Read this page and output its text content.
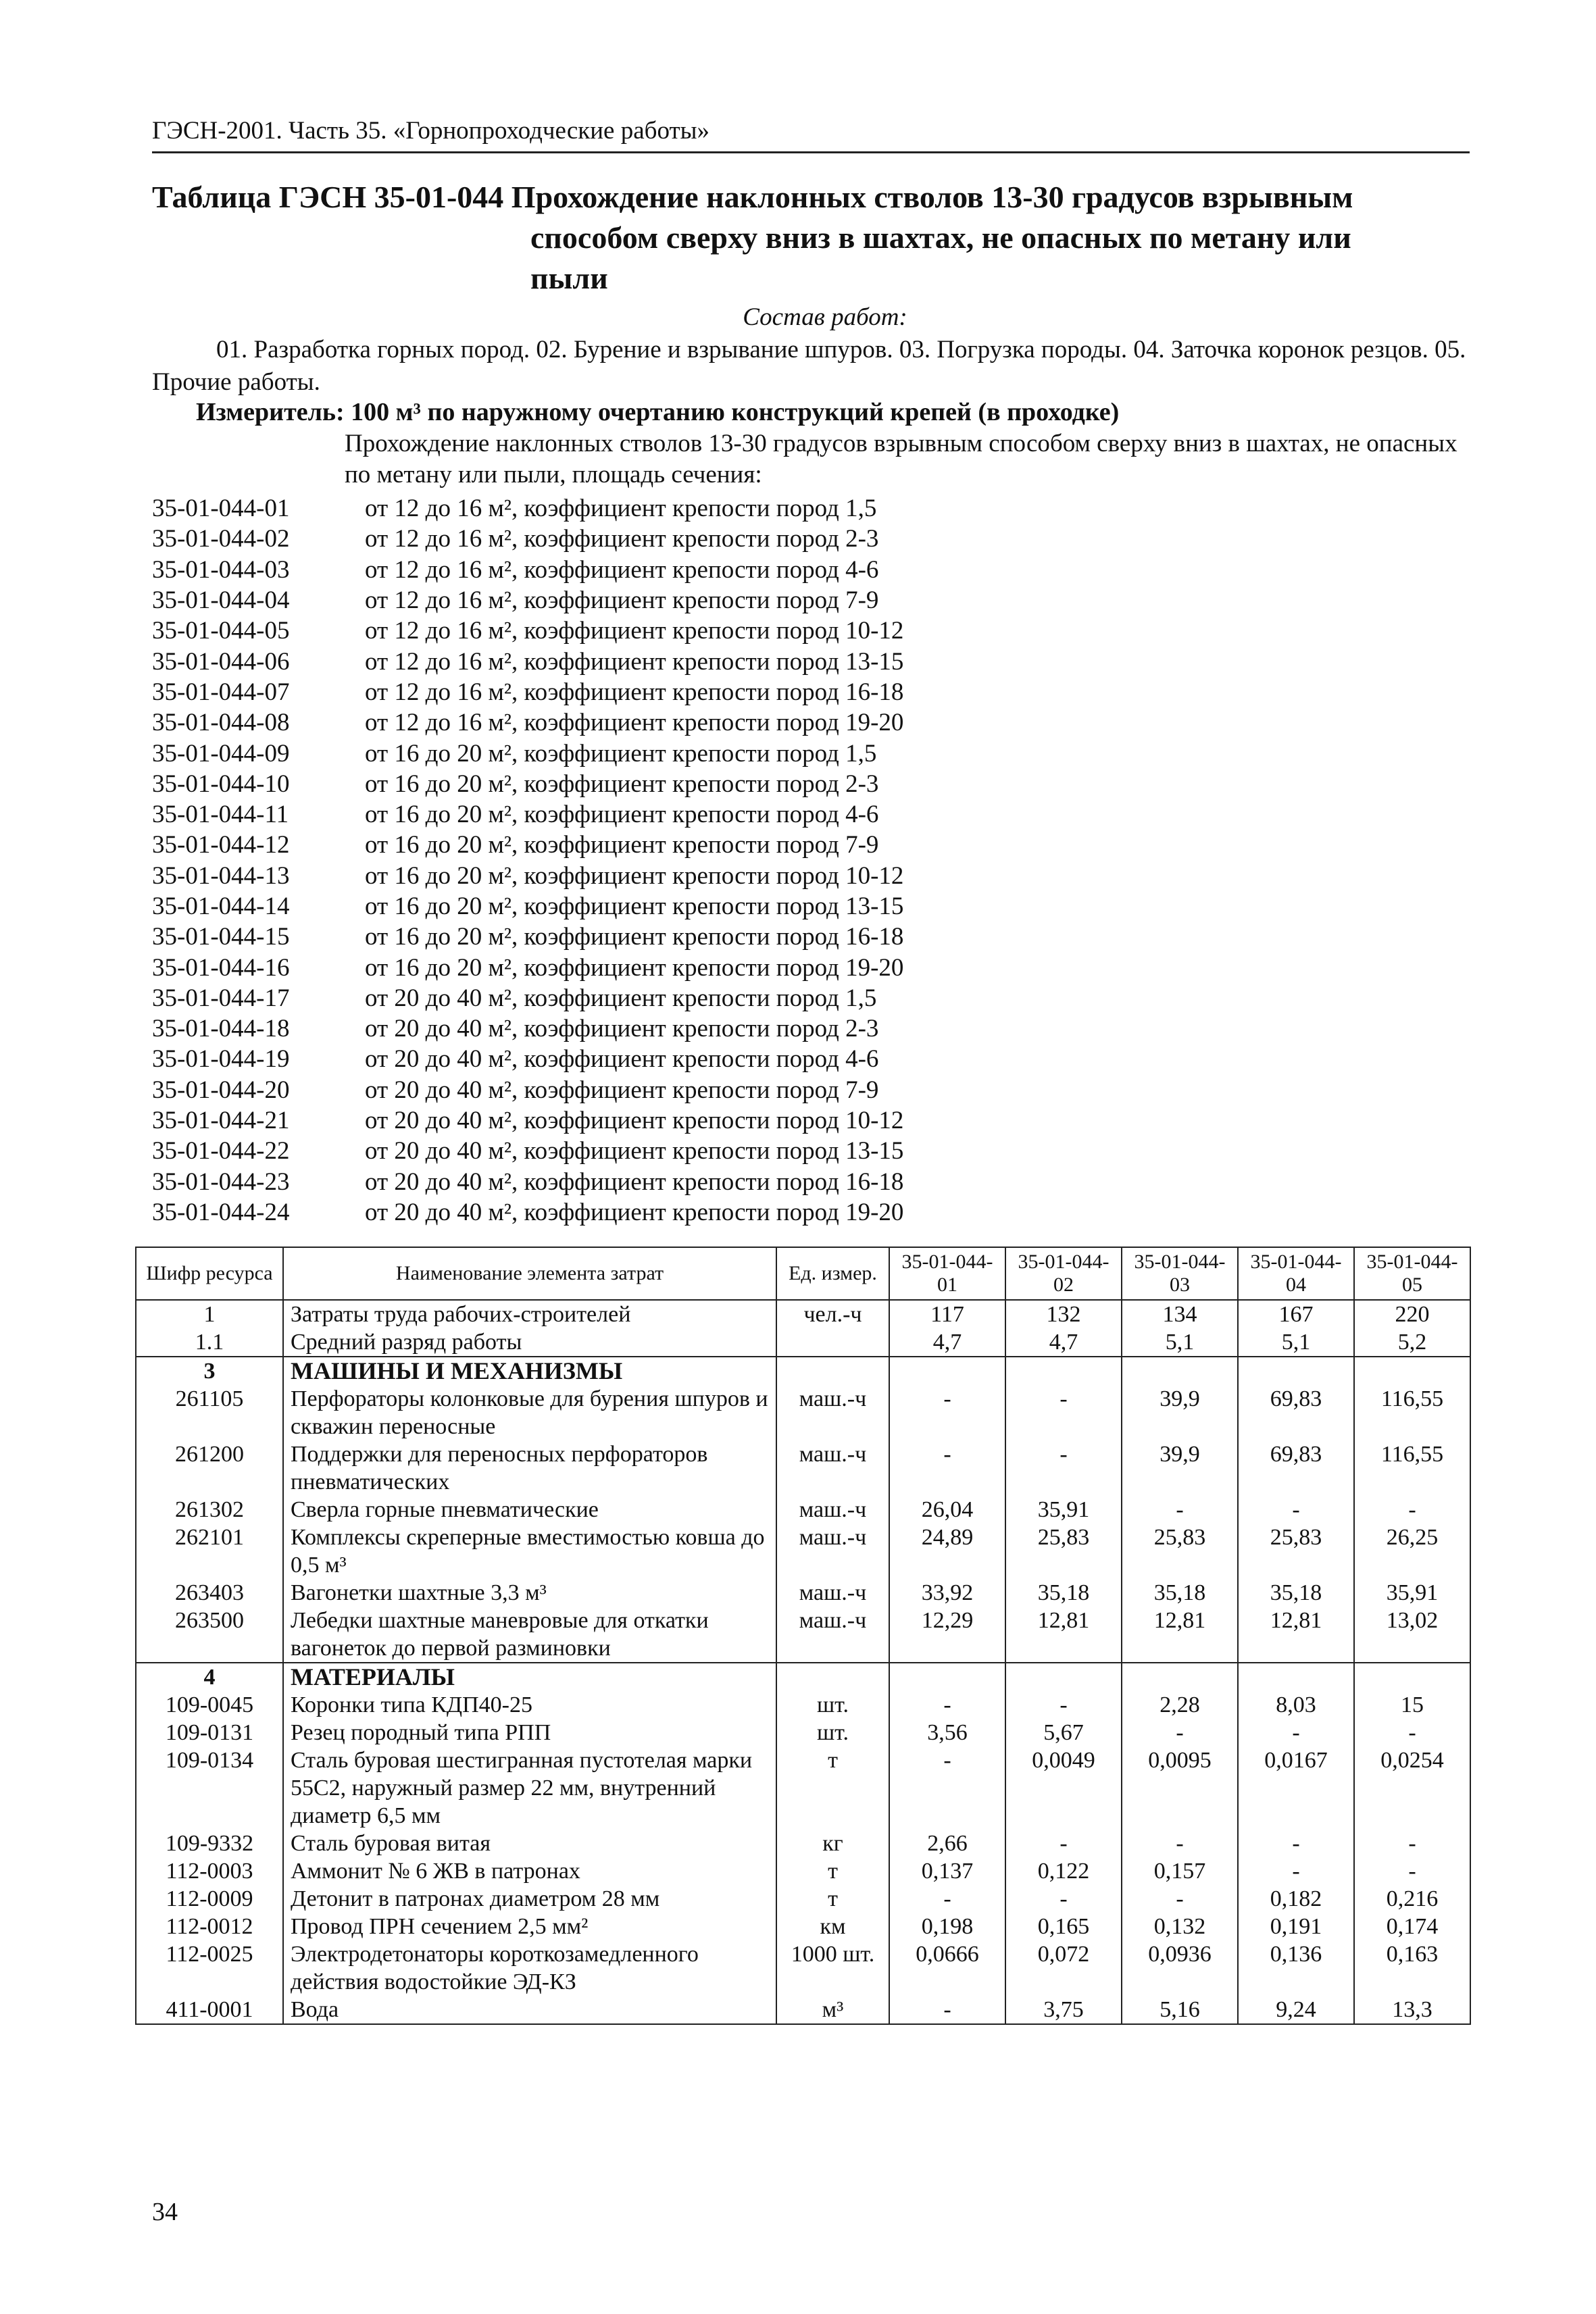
ГЭСН-2001. Часть 35. «Горнопроходческие работы»
Таблица ГЭСН 35-01-044 Прохождение наклонных стволов 13-30 градусов взрывным
способом сверху вниз в шахтах, не опасных по метану или
пыли
Состав работ:
01. Разработка горных пород. 02. Бурение и взрывание шпуров. 03. Погрузка породы. 04. Заточка коронок резцов. 05. Прочие работы.
Измеритель: 100 м³ по наружному очертанию конструкций крепей (в проходке)
Прохождение наклонных стволов 13-30 градусов взрывным способом сверху вниз в шахтах, не опасных по метану или пыли, площадь сечения:
35-01-044-01	от 12 до 16 м², коэффициент крепости пород 1,5
35-01-044-02	от 12 до 16 м², коэффициент крепости пород 2-3
35-01-044-03	от 12 до 16 м², коэффициент крепости пород 4-6
35-01-044-04	от 12 до 16 м², коэффициент крепости пород 7-9
35-01-044-05	от 12 до 16 м², коэффициент крепости пород 10-12
35-01-044-06	от 12 до 16 м², коэффициент крепости пород 13-15
35-01-044-07	от 12 до 16 м², коэффициент крепости пород 16-18
35-01-044-08	от 12 до 16 м², коэффициент крепости пород 19-20
35-01-044-09	от 16 до 20 м², коэффициент крепости пород 1,5
35-01-044-10	от 16 до 20 м², коэффициент крепости пород 2-3
35-01-044-11	от 16 до 20 м², коэффициент крепости пород 4-6
35-01-044-12	от 16 до 20 м², коэффициент крепости пород 7-9
35-01-044-13	от 16 до 20 м², коэффициент крепости пород 10-12
35-01-044-14	от 16 до 20 м², коэффициент крепости пород 13-15
35-01-044-15	от 16 до 20 м², коэффициент крепости пород 16-18
35-01-044-16	от 16 до 20 м², коэффициент крепости пород 19-20
35-01-044-17	от 20 до 40 м², коэффициент крепости пород 1,5
35-01-044-18	от 20 до 40 м², коэффициент крепости пород 2-3
35-01-044-19	от 20 до 40 м², коэффициент крепости пород 4-6
35-01-044-20	от 20 до 40 м², коэффициент крепости пород 7-9
35-01-044-21	от 20 до 40 м², коэффициент крепости пород 10-12
35-01-044-22	от 20 до 40 м², коэффициент крепости пород 13-15
35-01-044-23	от 20 до 40 м², коэффициент крепости пород 16-18
35-01-044-24	от 20 до 40 м², коэффициент крепости пород 19-20
Шифр ресурса	Наименование элемента затрат	Ед. измер.	35-01-044-01	35-01-044-02	35-01-044-03	35-01-044-04	35-01-044-05
1	Затраты труда рабочих-строителей	чел.-ч	117	132	134	167	220
1.1	Средний разряд работы		4,7	4,7	5,1	5,1	5,2
3	МАШИНЫ И МЕХАНИЗМЫ						
261105	Перфораторы колонковые для бурения шпуров и скважин переносные	маш.-ч	-	-	39,9	69,83	116,55
261200	Поддержки для переносных перфораторов пневматических	маш.-ч	-	-	39,9	69,83	116,55
261302	Сверла горные пневматические	маш.-ч	26,04	35,91	-	-	-
262101	Комплексы скреперные вместимостью ковша до 0,5 м³	маш.-ч	24,89	25,83	25,83	25,83	26,25
263403	Вагонетки шахтные 3,3 м³	маш.-ч	33,92	35,18	35,18	35,18	35,91
263500	Лебедки шахтные маневровые для откатки вагонеток до первой разминовки	маш.-ч	12,29	12,81	12,81	12,81	13,02
4	МАТЕРИАЛЫ						
109-0045	Коронки типа КДП40-25	шт.	-	-	2,28	8,03	15
109-0131	Резец породный типа РПП	шт.	3,56	5,67	-	-	-
109-0134	Сталь буровая шестигранная пустотелая марки 55С2, наружный размер 22 мм, внутренний диаметр 6,5 мм	т	-	0,0049	0,0095	0,0167	0,0254
109-9332	Сталь буровая витая	кг	2,66	-	-	-	-
112-0003	Аммонит № 6 ЖВ в патронах	т	0,137	0,122	0,157	-	-
112-0009	Детонит в патронах диаметром 28 мм	т	-	-	-	0,182	0,216
112-0012	Провод ПРН сечением 2,5 мм²	км	0,198	0,165	0,132	0,191	0,174
112-0025	Электродетонаторы короткозамедленного действия водостойкие ЭД-КЗ	1000 шт.	0,0666	0,072	0,0936	0,136	0,163
411-0001	Вода	м³	-	3,75	5,16	9,24	13,3
34
